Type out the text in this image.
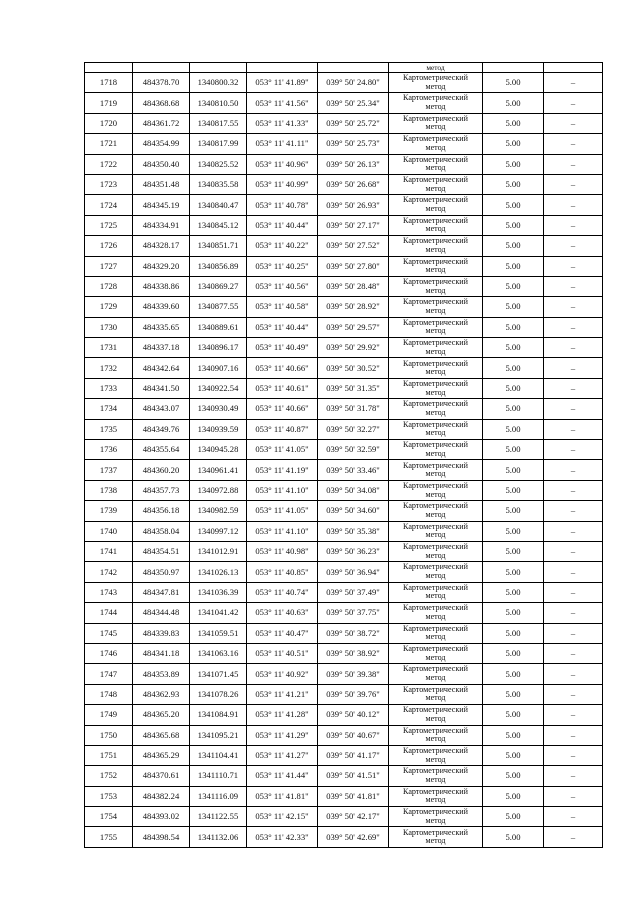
					метод		
1718	484378.70	1340800.32	053° 11' 41.89"	039° 50' 24.80"	Картометрический
метод	5.00	–
1719	484368.68	1340810.50	053° 11' 41.56"	039° 50' 25.34"	Картометрический
метод	5.00	–
1720	484361.72	1340817.55	053° 11' 41.33"	039° 50' 25.72"	Картометрический
метод	5.00	–
1721	484354.99	1340817.99	053° 11' 41.11"	039° 50' 25.73"	Картометрический
метод	5.00	–
1722	484350.40	1340825.52	053° 11' 40.96"	039° 50' 26.13"	Картометрический
метод	5.00	–
1723	484351.48	1340835.58	053° 11' 40.99"	039° 50' 26.68"	Картометрический
метод	5.00	–
1724	484345.19	1340840.47	053° 11' 40.78"	039° 50' 26.93"	Картометрический
метод	5.00	–
1725	484334.91	1340845.12	053° 11' 40.44"	039° 50' 27.17"	Картометрический
метод	5.00	–
1726	484328.17	1340851.71	053° 11' 40.22"	039° 50' 27.52"	Картометрический
метод	5.00	–
1727	484329.20	1340856.89	053° 11' 40.25"	039° 50' 27.80"	Картометрический
метод	5.00	–
1728	484338.86	1340869.27	053° 11' 40.56"	039° 50' 28.48"	Картометрический
метод	5.00	–
1729	484339.60	1340877.55	053° 11' 40.58"	039° 50' 28.92"	Картометрический
метод	5.00	–
1730	484335.65	1340889.61	053° 11' 40.44"	039° 50' 29.57"	Картометрический
метод	5.00	–
1731	484337.18	1340896.17	053° 11' 40.49"	039° 50' 29.92"	Картометрический
метод	5.00	–
1732	484342.64	1340907.16	053° 11' 40.66"	039° 50' 30.52"	Картометрический
метод	5.00	–
1733	484341.50	1340922.54	053° 11' 40.61"	039° 50' 31.35"	Картометрический
метод	5.00	–
1734	484343.07	1340930.49	053° 11' 40.66"	039° 50' 31.78"	Картометрический
метод	5.00	–
1735	484349.76	1340939.59	053° 11' 40.87"	039° 50' 32.27"	Картометрический
метод	5.00	–
1736	484355.64	1340945.28	053° 11' 41.05"	039° 50' 32.59"	Картометрический
метод	5.00	–
1737	484360.20	1340961.41	053° 11' 41.19"	039° 50' 33.46"	Картометрический
метод	5.00	–
1738	484357.73	1340972.88	053° 11' 41.10"	039° 50' 34.08"	Картометрический
метод	5.00	–
1739	484356.18	1340982.59	053° 11' 41.05"	039° 50' 34.60"	Картометрический
метод	5.00	–
1740	484358.04	1340997.12	053° 11' 41.10"	039° 50' 35.38"	Картометрический
метод	5.00	–
1741	484354.51	1341012.91	053° 11' 40.98"	039° 50' 36.23"	Картометрический
метод	5.00	–
1742	484350.97	1341026.13	053° 11' 40.85"	039° 50' 36.94"	Картометрический
метод	5.00	–
1743	484347.81	1341036.39	053° 11' 40.74"	039° 50' 37.49"	Картометрический
метод	5.00	–
1744	484344.48	1341041.42	053° 11' 40.63"	039° 50' 37.75"	Картометрический
метод	5.00	–
1745	484339.83	1341059.51	053° 11' 40.47"	039° 50' 38.72"	Картометрический
метод	5.00	–
1746	484341.18	1341063.16	053° 11' 40.51"	039° 50' 38.92"	Картометрический
метод	5.00	–
1747	484353.89	1341071.45	053° 11' 40.92"	039° 50' 39.38"	Картометрический
метод	5.00	–
1748	484362.93	1341078.26	053° 11' 41.21"	039° 50' 39.76"	Картометрический
метод	5.00	–
1749	484365.20	1341084.91	053° 11' 41.28"	039° 50' 40.12"	Картометрический
метод	5.00	–
1750	484365.68	1341095.21	053° 11' 41.29"	039° 50' 40.67"	Картометрический
метод	5.00	–
1751	484365.29	1341104.41	053° 11' 41.27"	039° 50' 41.17"	Картометрический
метод	5.00	–
1752	484370.61	1341110.71	053° 11' 41.44"	039° 50' 41.51"	Картометрический
метод	5.00	–
1753	484382.24	1341116.09	053° 11' 41.81"	039° 50' 41.81"	Картометрический
метод	5.00	–
1754	484393.02	1341122.55	053° 11' 42.15"	039° 50' 42.17"	Картометрический
метод	5.00	–
1755	484398.54	1341132.06	053° 11' 42.33"	039° 50' 42.69"	Картометрический
метод	5.00	–
